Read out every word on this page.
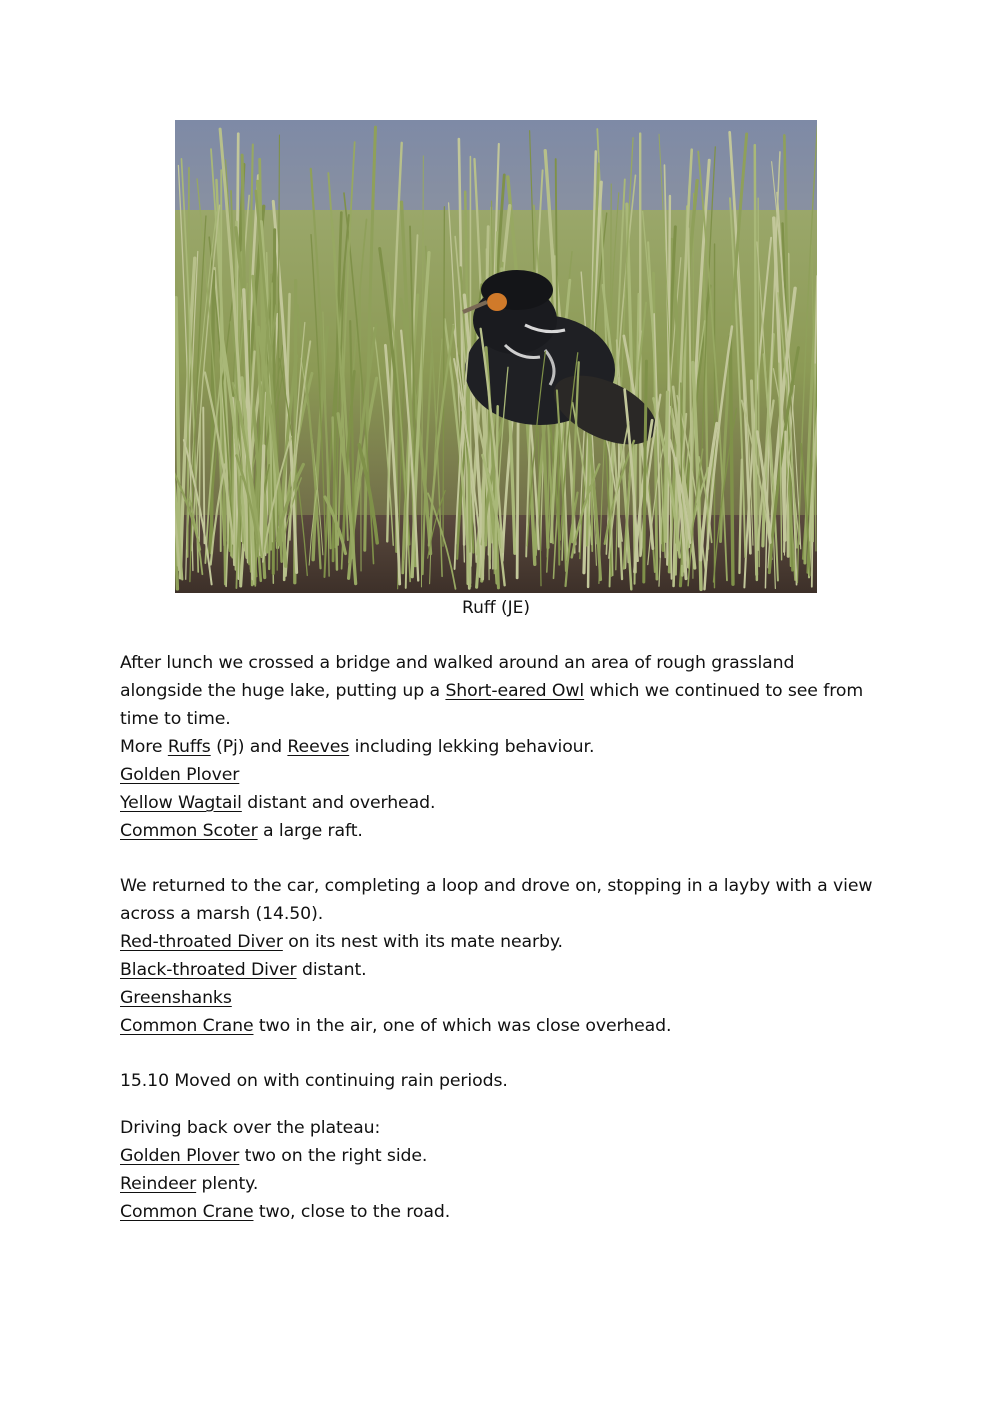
Ruff (JE)

After lunch we crossed a bridge and walked around an area of rough grassland alongside the huge lake, putting up a Short-eared Owl which we continued to see from time to time.

More Ruffs (Pj) and Reeves including lekking behaviour.

Golden Plover

Yellow Wagtail distant and overhead.

Common Scoter a large raft.

We returned to the car, completing a loop and drove on, stopping in a layby with a view across a marsh (14.50).

Red-throated Diver on its nest with its mate nearby.

Black-throated Diver distant.

Greenshanks

Common Crane two in the air, one of which was close overhead.

15.10 Moved on with continuing rain periods.

Driving back over the plateau:

Golden Plover two on the right side.

Reindeer plenty.

Common Crane two, close to the road.
